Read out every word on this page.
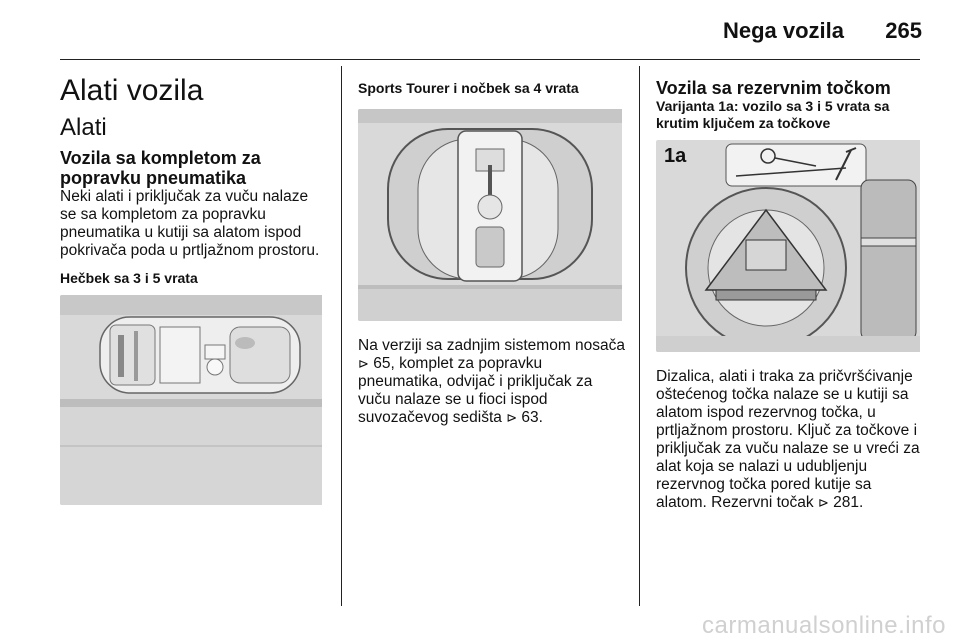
Nega vozila 265
Alati vozila
Alati
Vozila sa kompletom za popravku pneumatika

Neki alati i priključak za vuču nalaze se sa kompletom za popravku pneumatika u kutiji sa alatom ispod pokrivača poda u prtljažnom prostoru.

Hečbek sa 3 i 5 vrata
Sports Tourer i nočbek sa 4 vrata

Na verziji sa zadnjim sistemom nosača ⊳ 65, komplet za popravku pneumatika, odvijač i priključak za vuču nalaze se u fioci ispod suvozačevog sedišta ⊳ 63.

Vozila sa rezervnim točkom
Varijanta 1a: vozilo sa 3 i 5 vrata sa krutim ključem za točkove
1a

Dizalica, alati i traka za pričvršćivanje oštećenog točka nalaze se u kutiji sa alatom ispod rezervnog točka, u prtljažnom prostoru. Ključ za točkove i priključak za vuču nalaze se u vreći za alat koja se nalazi u udubljenju rezervnog točka pored kutije sa alatom. Rezervni točak ⊳ 281.

carmanualsonline.info
